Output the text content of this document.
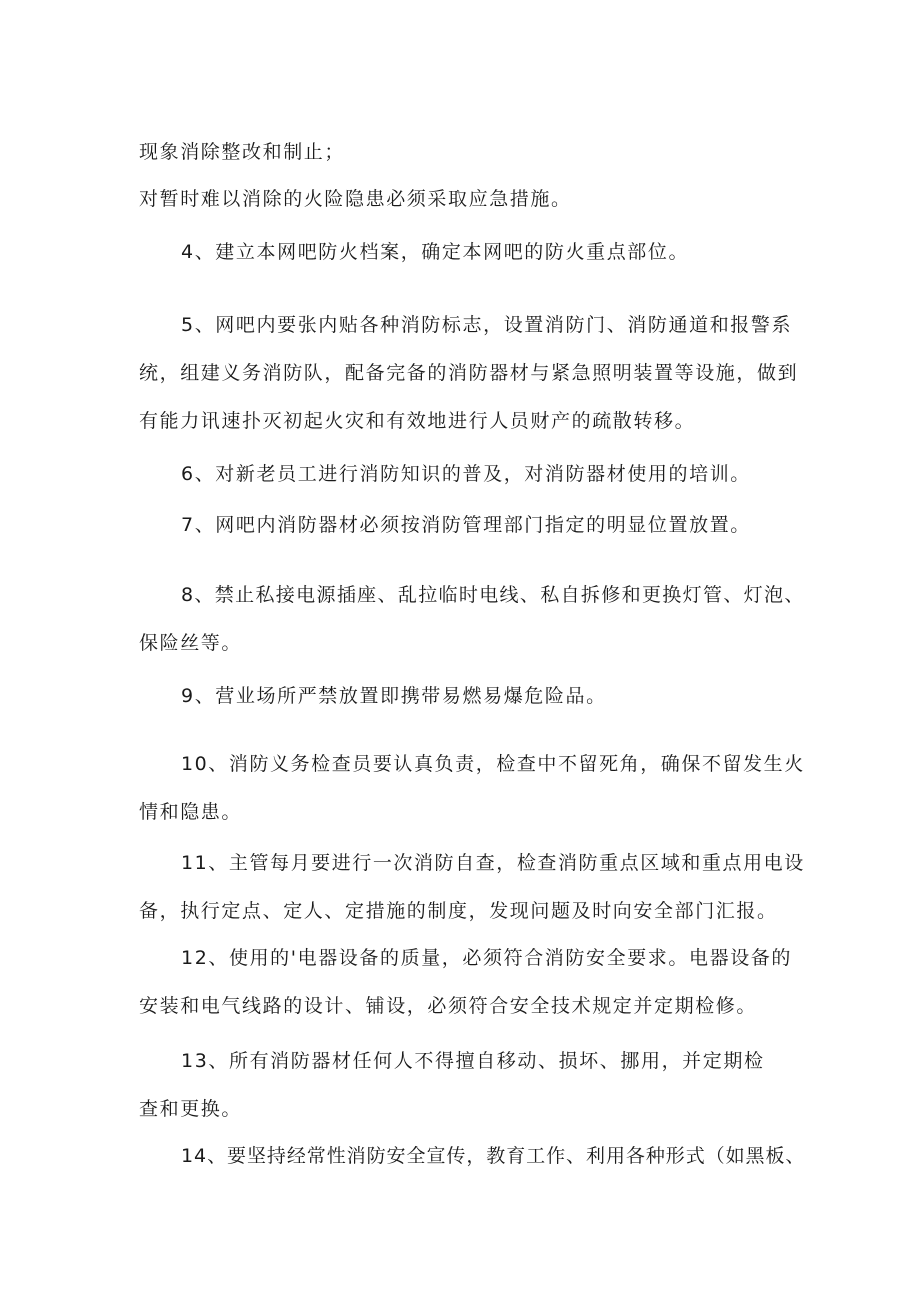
现象消除整改和制止；

对暂时难以消除的火险隐患必须采取应急措施。

4、建立本网吧防火档案，确定本网吧的防火重点部位。

5、网吧内要张内贴各种消防标志，设置消防门、消防通道和报警系

统，组建义务消防队，配备完备的消防器材与紧急照明装置等设施，做到

有能力讯速扑灭初起火灾和有效地进行人员财产的疏散转移。

6、对新老员工进行消防知识的普及，对消防器材使用的培训。

7、网吧内消防器材必须按消防管理部门指定的明显位置放置。

8、禁止私接电源插座、乱拉临时电线、私自拆修和更换灯管、灯泡、

保险丝等。

9、营业场所严禁放置即携带易燃易爆危险品。

10、消防义务检查员要认真负责，检查中不留死角，确保不留发生火

情和隐患。

11、主管每月要进行一次消防自查，检查消防重点区域和重点用电设

备，执行定点、定人、定措施的制度，发现问题及时向安全部门汇报。

12、使用的'电器设备的质量，必须符合消防安全要求。电器设备的

安装和电气线路的设计、铺设，必须符合安全技术规定并定期检修。

13、所有消防器材任何人不得擅自移动、损坏、挪用，并定期检

查和更换。

14、要坚持经常性消防安全宣传，教育工作、利用各种形式（如黑板、
